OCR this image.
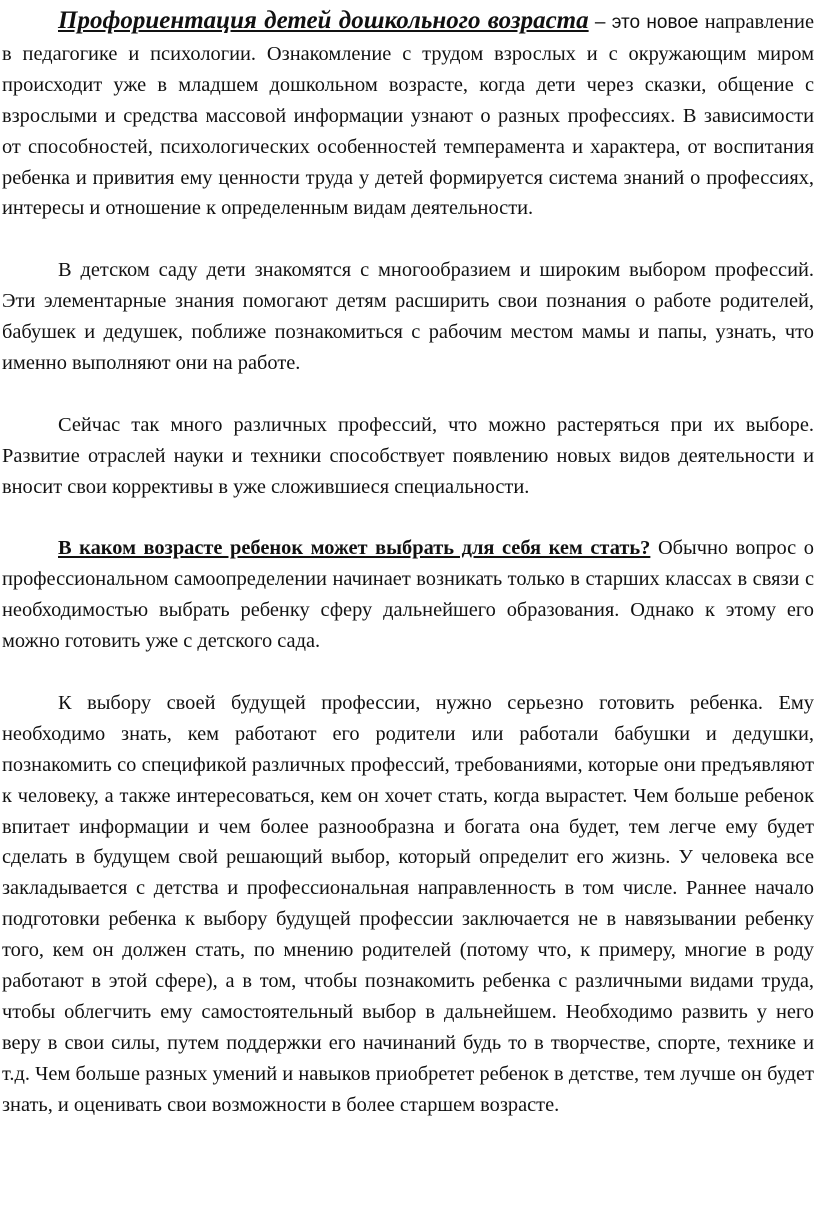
Профориентация детей дошкольного возраста – это новое направление в педагогике и психологии. Ознакомление с трудом взрослых и с окружающим миром происходит уже в младшем дошкольном возрасте, когда дети через сказки, общение с взрослыми и средства массовой информации узнают о разных профессиях. В зависимости от способностей, психологических особенностей темперамента и характера, от воспитания ребенка и привития ему ценности труда у детей формируется система знаний о профессиях, интересы и отношение к определенным видам деятельности.

В детском саду дети знакомятся с многообразием и широким выбором профессий. Эти элементарные знания помогают детям расширить свои познания о работе родителей, бабушек и дедушек, поближе познакомиться с рабочим местом мамы и папы, узнать, что именно выполняют они на работе.

Сейчас так много различных профессий, что можно растеряться при их выборе. Развитие отраслей науки и техники способствует появлению новых видов деятельности и вносит свои коррективы в уже сложившиеся специальности.

В каком возрасте ребенок может выбрать для себя кем стать? Обычно вопрос о профессиональном самоопределении начинает возникать только в старших классах в связи с необходимостью выбрать ребенку сферу дальнейшего образования. Однако к этому его можно готовить уже с детского сада.

К выбору своей будущей профессии, нужно серьезно готовить ребенка. Ему необходимо знать, кем работают его родители или работали бабушки и дедушки, познакомить со спецификой различных профессий, требованиями, которые они предъявляют к человеку, а также интересоваться, кем он хочет стать, когда вырастет. Чем больше ребенок впитает информации и чем более разнообразна и богата она будет, тем легче ему будет сделать в будущем свой решающий выбор, который определит его жизнь. У человека все закладывается с детства и профессиональная направленность в том числе. Раннее начало подготовки ребенка к выбору будущей профессии заключается не в навязывании ребенку того, кем он должен стать, по мнению родителей (потому что, к примеру, многие в роду работают в этой сфере), а в том, чтобы познакомить ребенка с различными видами труда, чтобы облегчить ему самостоятельный выбор в дальнейшем. Необходимо развить у него веру в свои силы, путем поддержки его начинаний будь то в творчестве, спорте, технике и т.д. Чем больше разных умений и навыков приобретет ребенок в детстве, тем лучше он будет знать, и оценивать свои возможности в более старшем возрасте.
